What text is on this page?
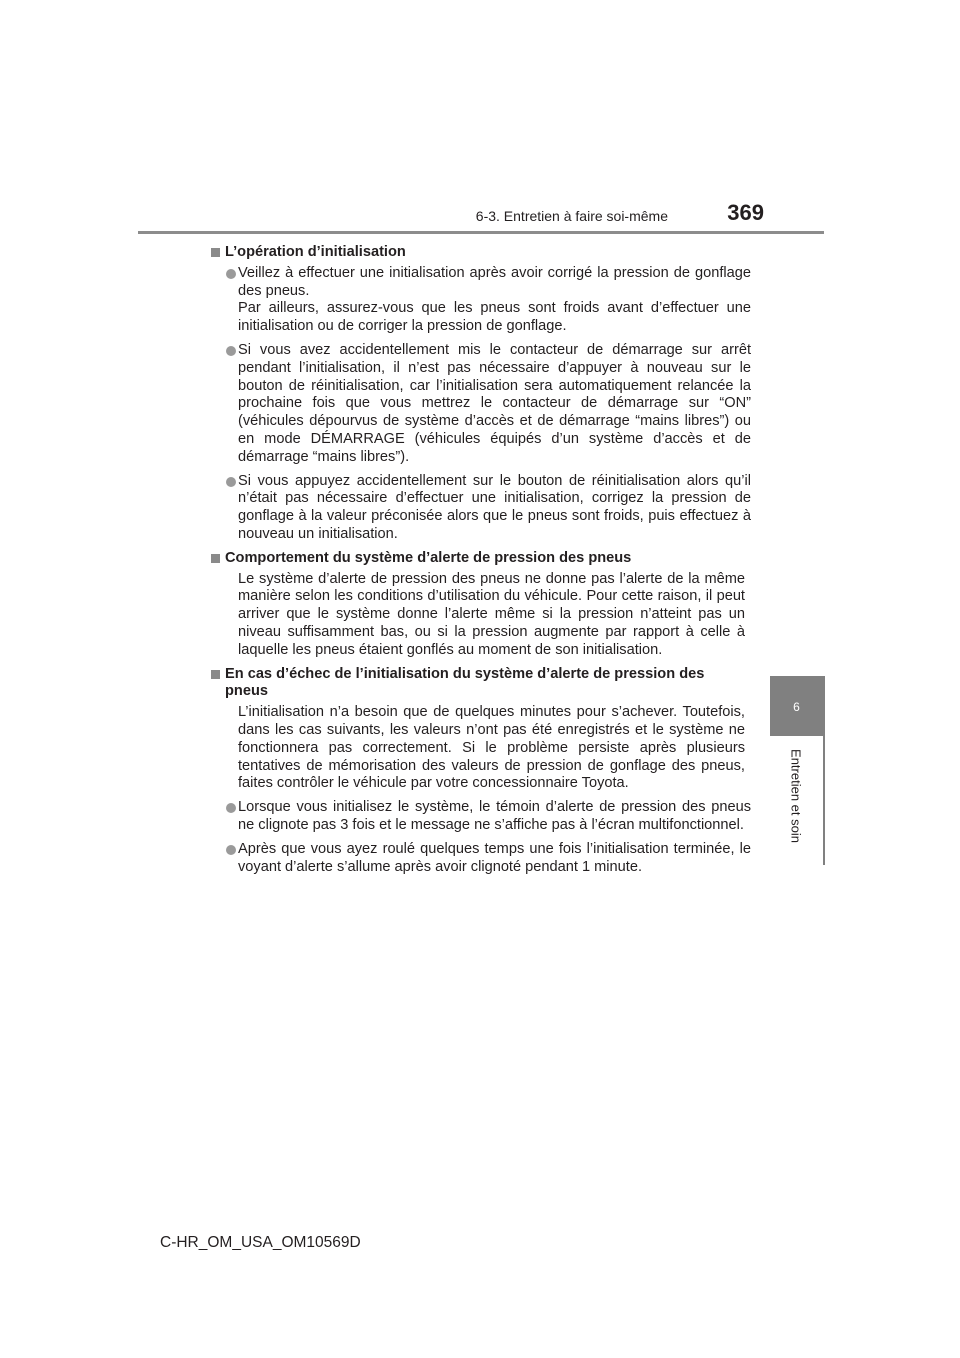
6-3. Entretien à faire soi-même	369
6
Entretien et soin
L’opération d’initialisation
Veillez à effectuer une initialisation après avoir corrigé la pression de gonflage des pneus.
Par ailleurs, assurez-vous que les pneus sont froids avant d’effectuer une initialisation ou de corriger la pression de gonflage.
Si vous avez accidentellement mis le contacteur de démarrage sur arrêt pendant l’initialisation, il n’est pas nécessaire d’appuyer à nouveau sur le bouton de réinitialisation, car l’initialisation sera automatiquement relancée la prochaine fois que vous mettrez le contacteur de démarrage sur “ON” (véhicules dépourvus de système d’accès et de démarrage “mains libres”) ou en mode DÉMARRAGE (véhicules équipés d’un système d’accès et de démarrage “mains libres”).
Si vous appuyez accidentellement sur le bouton de réinitialisation alors qu’il n’était pas nécessaire d’effectuer une initialisation, corrigez la pression de gonflage à la valeur préconisée alors que le pneus sont froids, puis effectuez à nouveau un initialisation.
Comportement du système d’alerte de pression des pneus
Le système d’alerte de pression des pneus ne donne pas l’alerte de la même manière selon les conditions d’utilisation du véhicule. Pour cette raison, il peut arriver que le système donne l’alerte même si la pression n’atteint pas un niveau suffisamment bas, ou si la pression augmente par rapport à celle à laquelle les pneus étaient gonflés au moment de son initialisation.
En cas d’échec de l’initialisation du système d’alerte de pression des pneus
L’initialisation n’a besoin que de quelques minutes pour s’achever. Toutefois, dans les cas suivants, les valeurs n’ont pas été enregistrés et le système ne fonctionnera pas correctement. Si le problème persiste après plusieurs tentatives de mémorisation des valeurs de pression de gonflage des pneus, faites contrôler le véhicule par votre concessionnaire Toyota.
Lorsque vous initialisez le système, le témoin d’alerte de pression des pneus ne clignote pas 3 fois et le message ne s’affiche pas à l’écran multifonctionnel.
Après que vous ayez roulé quelques temps une fois l’initialisation terminée, le voyant d’alerte s’allume après avoir clignoté pendant 1 minute.
C-HR_OM_USA_OM10569D
